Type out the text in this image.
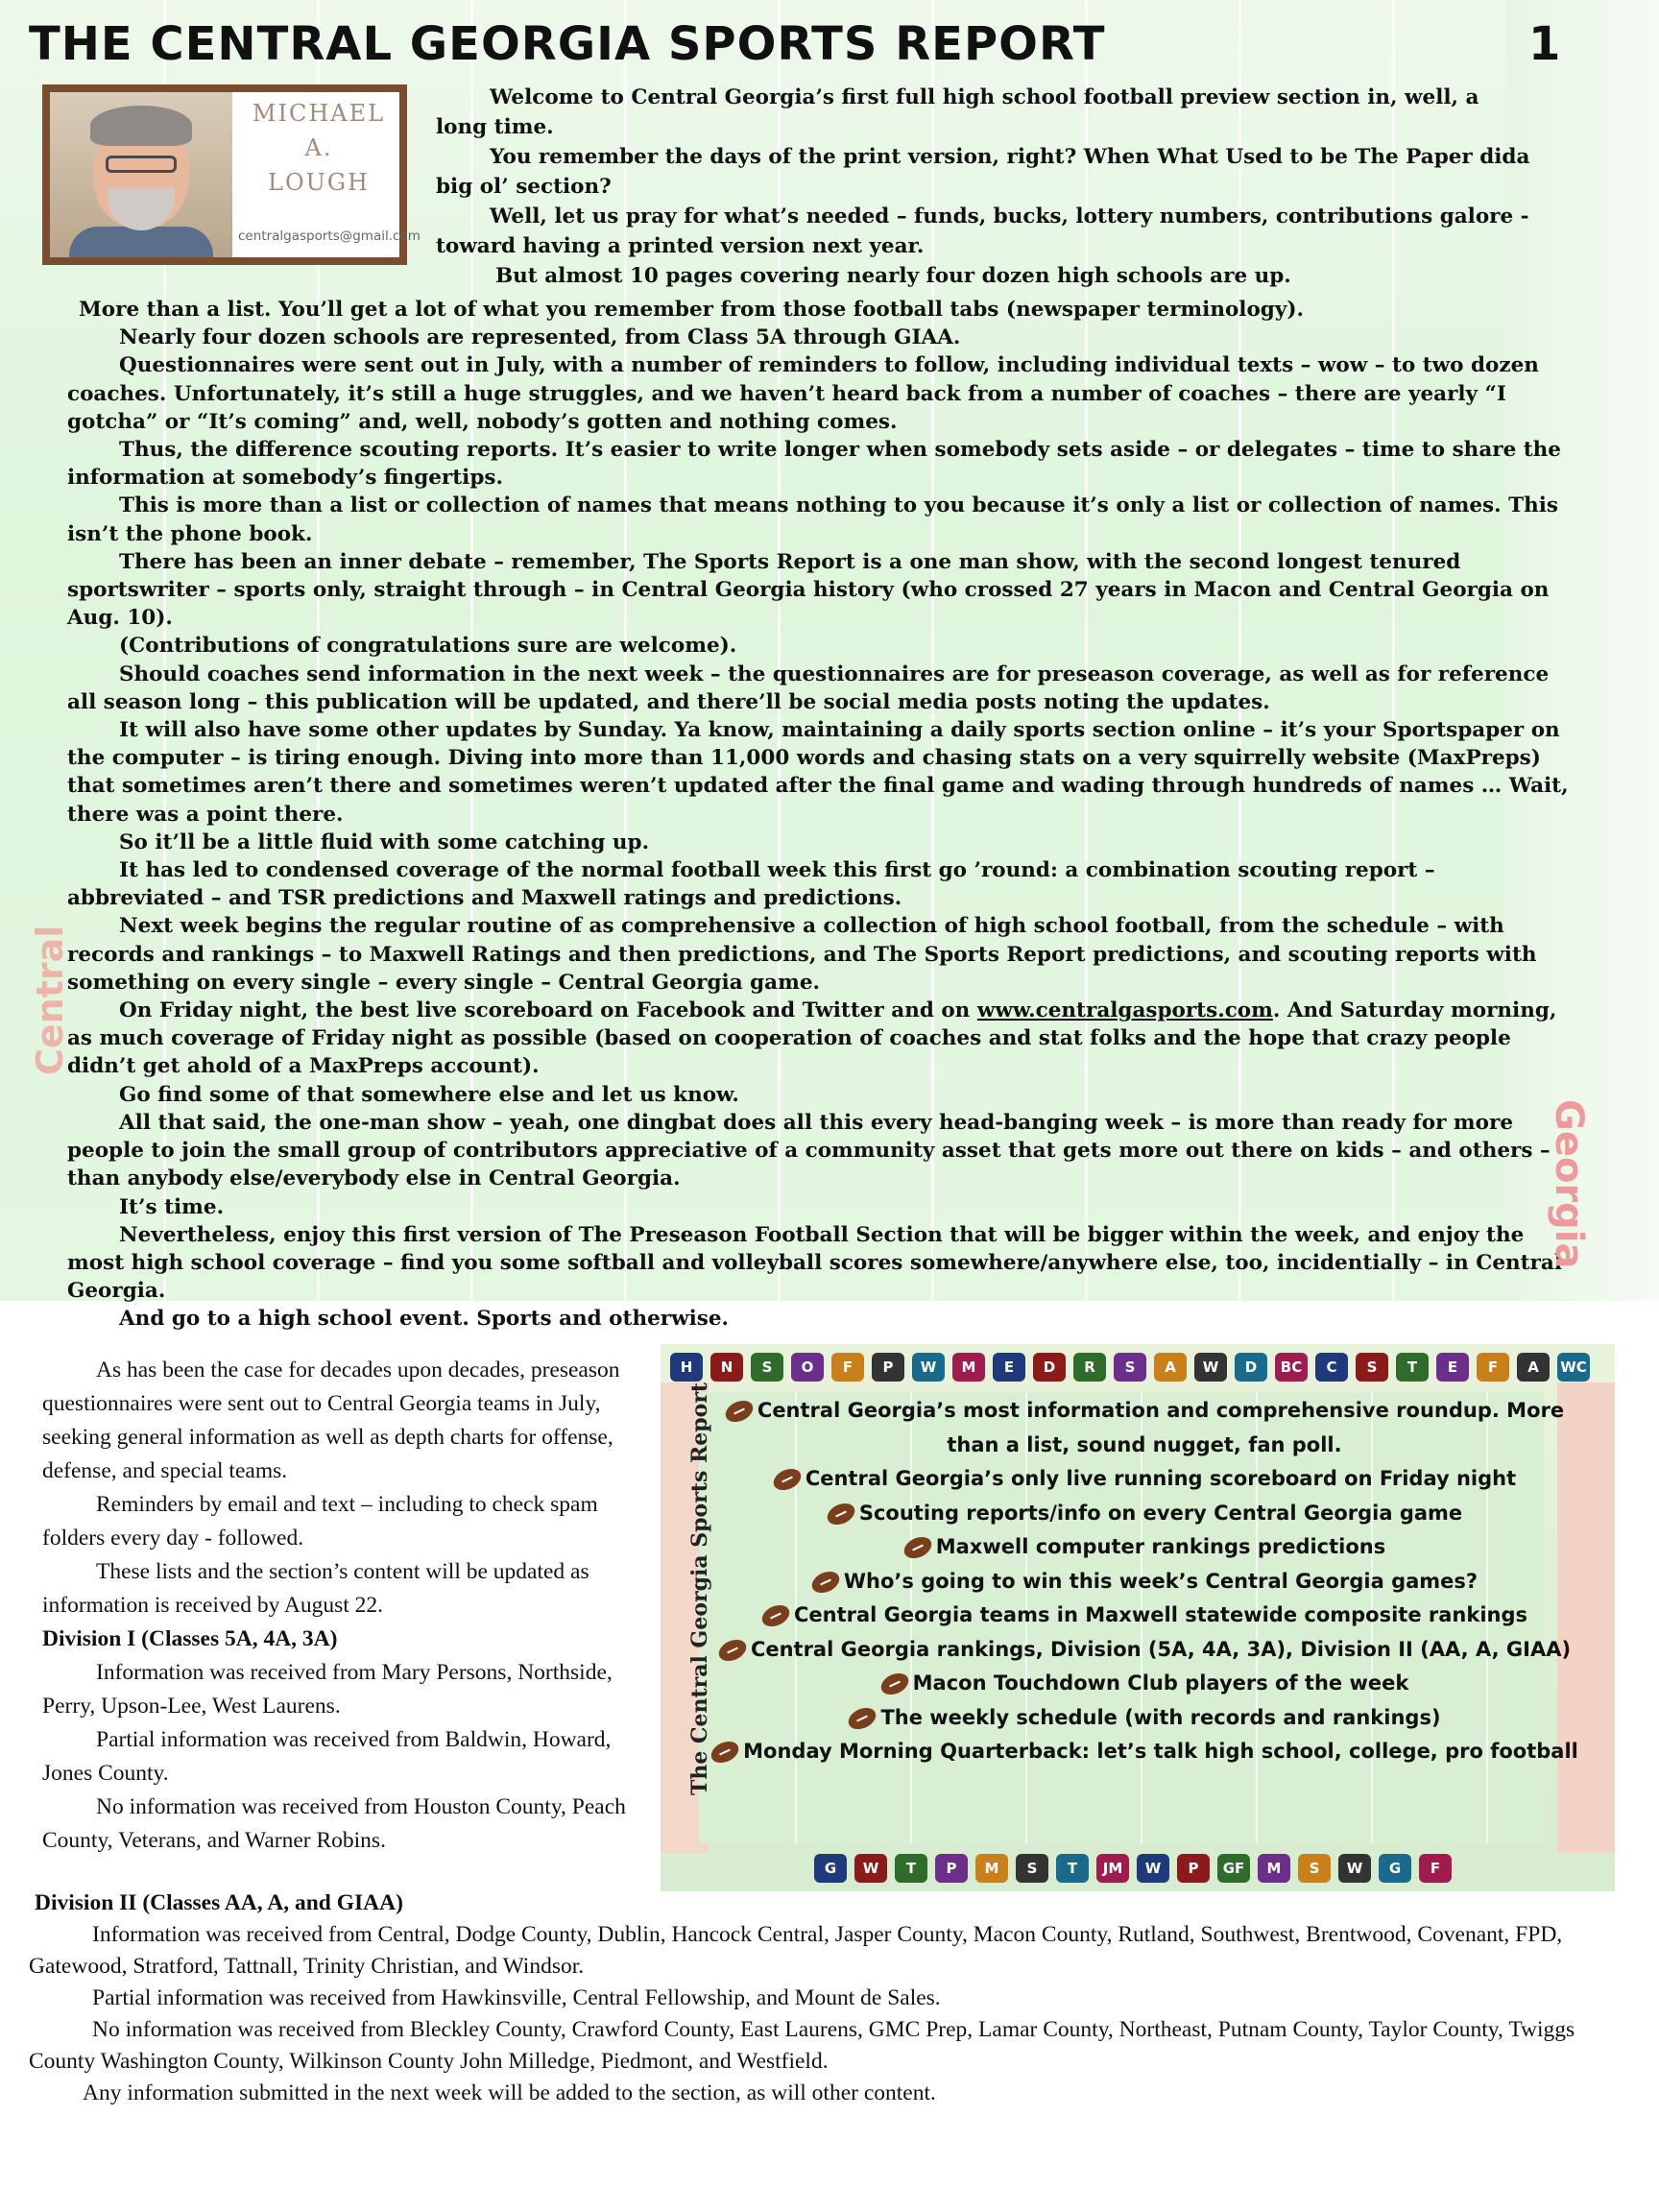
THE CENTRAL GEORGIA SPORTS REPORT	1
MICHAEL
A.
LOUGH
centralgasports@gmail.com

Welcome to Central Georgia’s first full high school football preview section in, well, a long time.

You remember the days of the print version, right? When What Used to be The Paper dida big ol’ section?

Well, let us pray for what’s needed – funds, bucks, lottery numbers, contributions galore - toward having a printed version next year.

But almost 10 pages covering nearly four dozen high schools are up.

More than a list. You’ll get a lot of what you remember from those football tabs (newspaper terminology).

Nearly four dozen schools are represented, from Class 5A through GIAA.

Questionnaires were sent out in July, with a number of reminders to follow, including individual texts – wow – to two dozen coaches. Unfortunately, it’s still a huge struggles, and we haven’t heard back from a number of coaches – there are yearly “I gotcha” or “It’s coming” and, well, nobody’s gotten and nothing comes.

Thus, the difference scouting reports. It’s easier to write longer when somebody sets aside – or delegates – time to share the information at somebody’s fingertips.

This is more than a list or collection of names that means nothing to you because it’s only a list or collection of names. This isn’t the phone book.

There has been an inner debate – remember, The Sports Report is a one man show, with the second longest tenured sportswriter – sports only, straight through – in Central Georgia history (who crossed 27 years in Macon and Central Georgia on Aug. 10).

(Contributions of congratulations sure are welcome).

Should coaches send information in the next week – the questionnaires are for preseason coverage, as well as for reference all season long – this publication will be updated, and there’ll be social media posts noting the updates.

It will also have some other updates by Sunday. Ya know, maintaining a daily sports section online – it’s your Sportspaper on the computer – is tiring enough. Diving into more than 11,000 words and chasing stats on a very squirrelly website (MaxPreps) that sometimes aren’t there and sometimes weren’t updated after the final game and wading through hundreds of names … Wait, there was a point there.

So it’ll be a little fluid with some catching up.

It has led to condensed coverage of the normal football week this first go ’round: a combination scouting report – abbreviated – and TSR predictions and Maxwell ratings and predictions.

Next week begins the regular routine of as comprehensive a collection of high school football, from the schedule – with records and rankings – to Maxwell Ratings and then predictions, and The Sports Report predictions, and scouting reports with something on every single – every single – Central Georgia game.

On Friday night, the best live scoreboard on Facebook and Twitter and on www.centralgasports.com. And Saturday morning, as much coverage of Friday night as possible (based on cooperation of coaches and stat folks and the hope that crazy people didn’t get ahold of a MaxPreps account).

Go find some of that somewhere else and let us know.

All that said, the one-man show – yeah, one dingbat does all this every head-banging week – is more than ready for more people to join the small group of contributors appreciative of a community asset that gets more out there on kids – and others – than anybody else/everybody else in Central Georgia.

It’s time.

Nevertheless, enjoy this first version of The Preseason Football Section that will be bigger within the week, and enjoy the most high school coverage – find you some softball and volleyball scores somewhere/anywhere else, too, incidentially – in Central Georgia.

And go to a high school event. Sports and otherwise.

As has been the case for decades upon decades, preseason questionnaires were sent out to Central Georgia teams in July, seeking general information as well as depth charts for offense, defense, and special teams.

Reminders by email and text – including to check spam folders every day - followed.

These lists and the section’s content will be updated as information is received by August 22.

Division I (Classes 5A, 4A, 3A)

Information was received from Mary Persons, Northside, Perry, Upson-Lee, West Laurens.

Partial information was received from Baldwin, Howard, Jones County.

No information was received from Houston County, Peach County, Veterans, and Warner Robins.

H	N	S	O	F	P	W	M	E	D	R	S	A	W	D	BC	C	S	T	E	F	A	WC
G	W	T	P	M	S	T	JM	W	P	GF	M	S	W	G	F
Central
The Central Georgia Sports Report
Georgia
Central Georgia’s most information and comprehensive roundup. More than a list, sound nugget, fan poll.
Central Georgia’s only live running scoreboard on Friday night
Scouting reports/info on every Central Georgia game
Maxwell computer rankings predictions
Who’s going to win this week’s Central Georgia games?
Central Georgia teams in Maxwell statewide composite rankings
Central Georgia rankings, Division (5A, 4A, 3A), Division II (AA, A, GIAA)
Macon Touchdown Club players of the week
The weekly schedule (with records and rankings)
Monday Morning Quarterback: let’s talk high school, college, pro football

Division II (Classes AA, A, and GIAA)

Information was received from Central, Dodge County, Dublin, Hancock Central, Jasper County, Macon County, Rutland, Southwest, Brentwood, Covenant, FPD, Gatewood, Stratford, Tattnall, Trinity Christian, and Windsor.

Partial information was received from Hawkinsville, Central Fellowship, and Mount de Sales.

No information was received from Bleckley County, Crawford County, East Laurens, GMC Prep, Lamar County, Northeast, Putnam County, Taylor County, Twiggs County Washington County, Wilkinson County John Milledge, Piedmont, and Westfield.

Any information submitted in the next week will be added to the section, as will other content.
